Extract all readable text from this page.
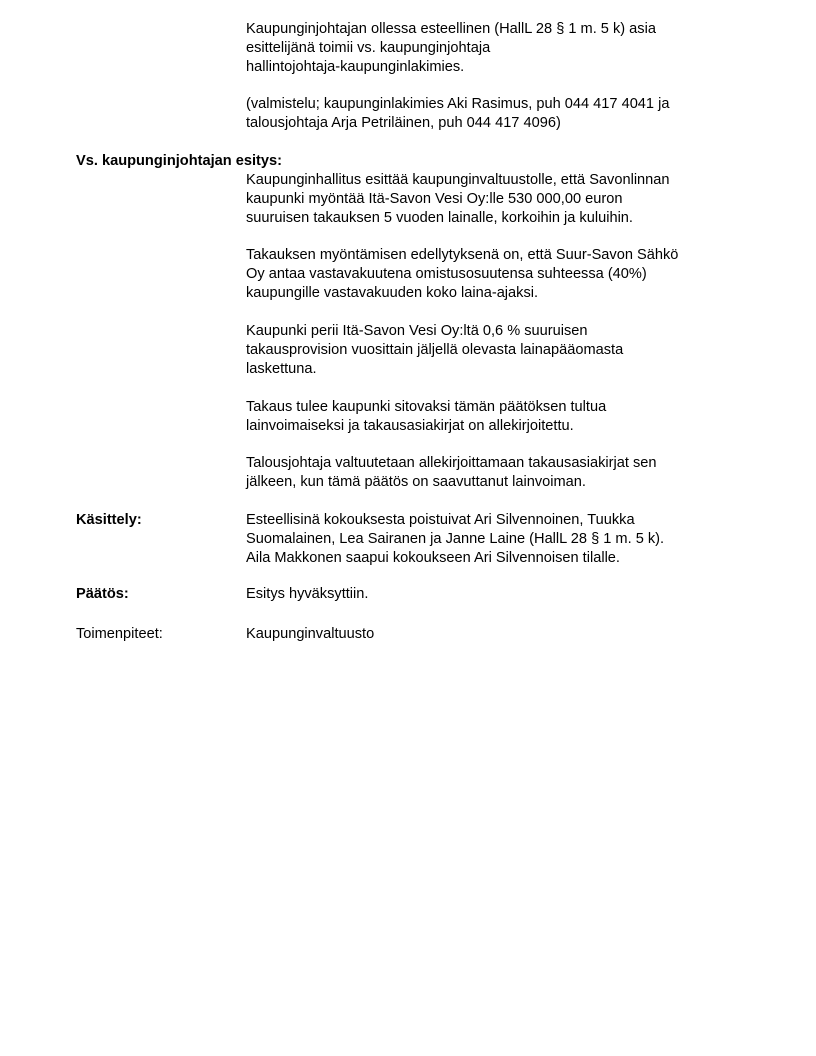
Kaupunginjohtajan ollessa esteellinen (HallL 28 § 1 m. 5 k) asia
esittelijänä toimii vs. kaupunginjohtaja
hallintojohtaja-kaupunginlakimies.
(valmistelu; kaupunginlakimies Aki Rasimus, puh 044 417 4041 ja
talousjohtaja Arja Petriläinen, puh 044 417 4096)
Vs. kaupunginjohtajan esitys:
Kaupunginhallitus esittää kaupunginvaltuustolle, että Savonlinnan
kaupunki myöntää Itä-Savon Vesi Oy:lle 530 000,00 euron
suuruisen takauksen 5 vuoden lainalle, korkoihin ja kuluihin.
Takauksen myöntämisen edellytyksenä on, että Suur-Savon Sähkö
Oy antaa vastavakuutena omistusosuutensa suhteessa (40%)
kaupungille vastavakuuden koko laina-ajaksi.
Kaupunki perii Itä-Savon Vesi Oy:ltä 0,6 % suuruisen
takausprovision vuosittain jäljellä olevasta lainapääomasta
laskettuna.
Takaus tulee kaupunki sitovaksi tämän päätöksen tultua
lainvoimaiseksi ja takausasiakirjat on allekirjoitettu.
Talousjohtaja valtuutetaan allekirjoittamaan takausasiakirjat sen
jälkeen, kun tämä päätös on saavuttanut lainvoiman.
Käsittely:	Esteellisinä kokouksesta poistuivat Ari Silvennoinen, Tuukka
Suomalainen, Lea Sairanen ja Janne Laine (HallL 28 § 1 m. 5 k).
Aila Makkonen saapui kokoukseen Ari Silvennoisen tilalle.
Päätös:	Esitys hyväksyttiin.
Toimenpiteet:	Kaupunginvaltuusto
